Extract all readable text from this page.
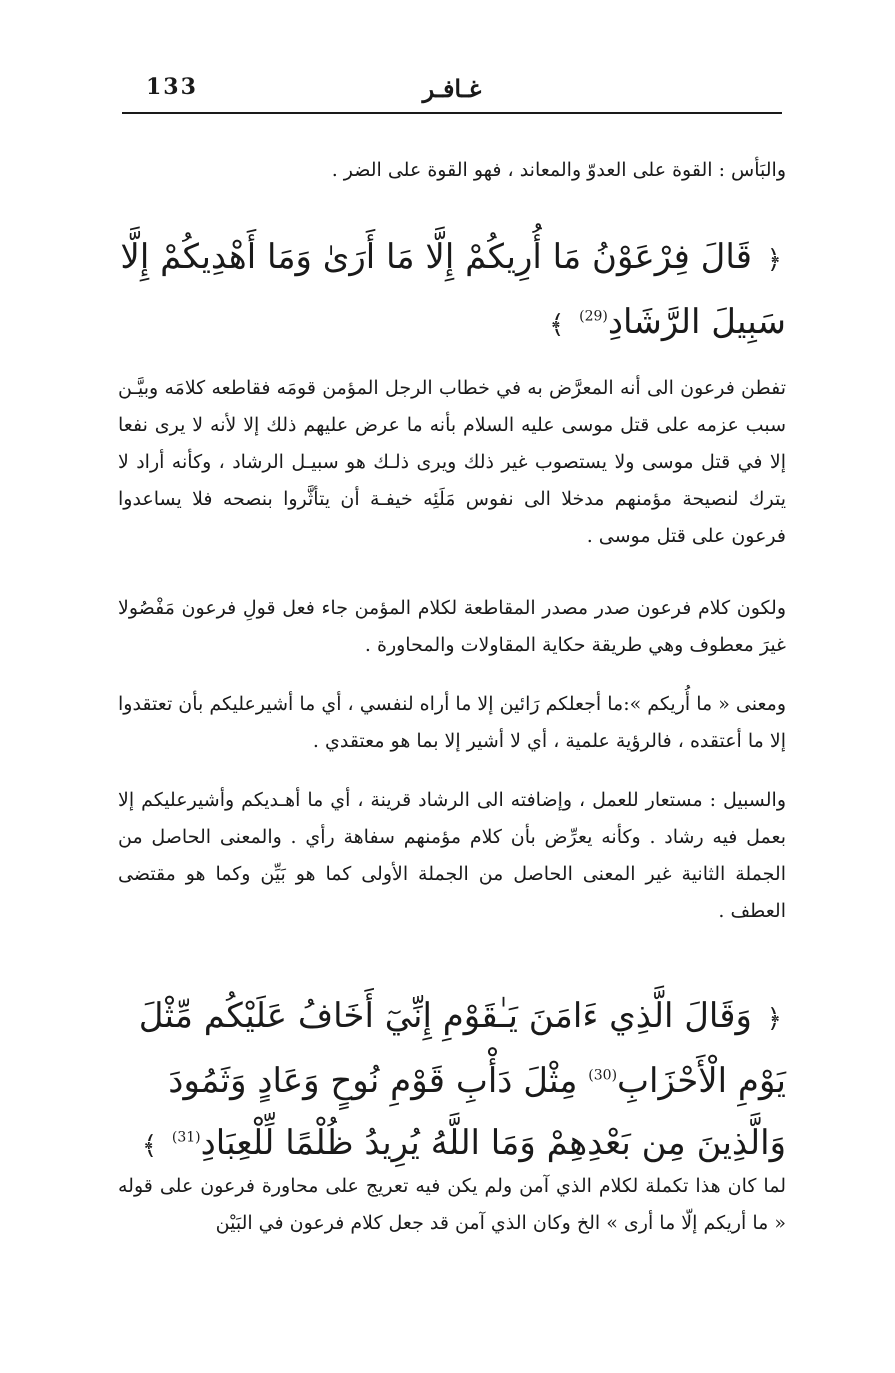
133	غـافـر
والبَأس : القوة على العدوّ والمعاند ، فهو القوة على الضر .
﴿ قَالَ فِرْعَوْنُ مَا أُرِيكُمْ إِلَّا مَا أَرَىٰ وَمَا أَهْدِيكُمْ إِلَّا سَبِيلَ الرَّشَادِ$^{(29)}$ ﴾
تفطن فرعون الى أنه المعرَّض به في خطاب الرجل المؤمن قومَه فقاطعه كلامَه وبيَّـن سبب عزمه على قتل موسى عليه السلام بأنه ما عرض عليهم ذلك إلا لأنه لا يرى نفعا إلا في قتل موسى ولا يستصوب غير ذلك ويرى ذلـك هو سبيـل الرشاد ، وكأنه أراد لا يترك لنصيحة مؤمنهم مدخلا الى نفوس مَلَئِه خيفـة أن يتأثَّروا بنصحه فلا يساعدوا فرعون على قتل موسى .
ولكون كلام فرعون صدر مصدر المقاطعة لكلام المؤمن جاء فعل قولِ فرعون مَفْصُولا غيرَ معطوف وهي طريقة حكاية المقاولات والمحاورة .
ومعنى « ما أُريكم »:ما أجعلكم رَائين إلا ما أراه لنفسي ، أي ما أشيرعليكم بأن تعتقدوا إلا ما أعتقده ، فالرؤية علمية ، أي لا أشير إلا بما هو معتقدي .
والسبيل : مستعار للعمل ، وإضافته الى الرشاد قرينة ، أي ما أهـديكم وأشيرعليكم إلا بعمل فيه رشاد . وكأنه يعرِّض بأن كلام مؤمنهم سفاهة رأي . والمعنى الحاصل من الجملة الثانية غير المعنى الحاصل من الجملة الأولى كما هو بَيِّن وكما هو مقتضى العطف .
﴿ وَقَالَ الَّذِي ءَامَنَ يَـٰقَوْمِ إِنِّيٓ أَخَافُ عَلَيْكُم مِّثْلَ يَوْمِ الْأَحْزَابِ$^{(30)}$ مِثْلَ دَأْبِ قَوْمِ نُوحٍ وَعَادٍ وَثَمُودَ وَالَّذِينَ مِن بَعْدِهِمْ وَمَا اللَّهُ يُرِيدُ ظُلْمًا لِّلْعِبَادِ$^{(31)}$ ﴾
لما كان هذا تكملة لكلام الذي آمن ولم يكن فيه تعريج على محاورة فرعون على قوله « ما أريكم إلّا ما أرى » الخ وكان الذي آمن قد جعل كلام فرعون في البَيْن
